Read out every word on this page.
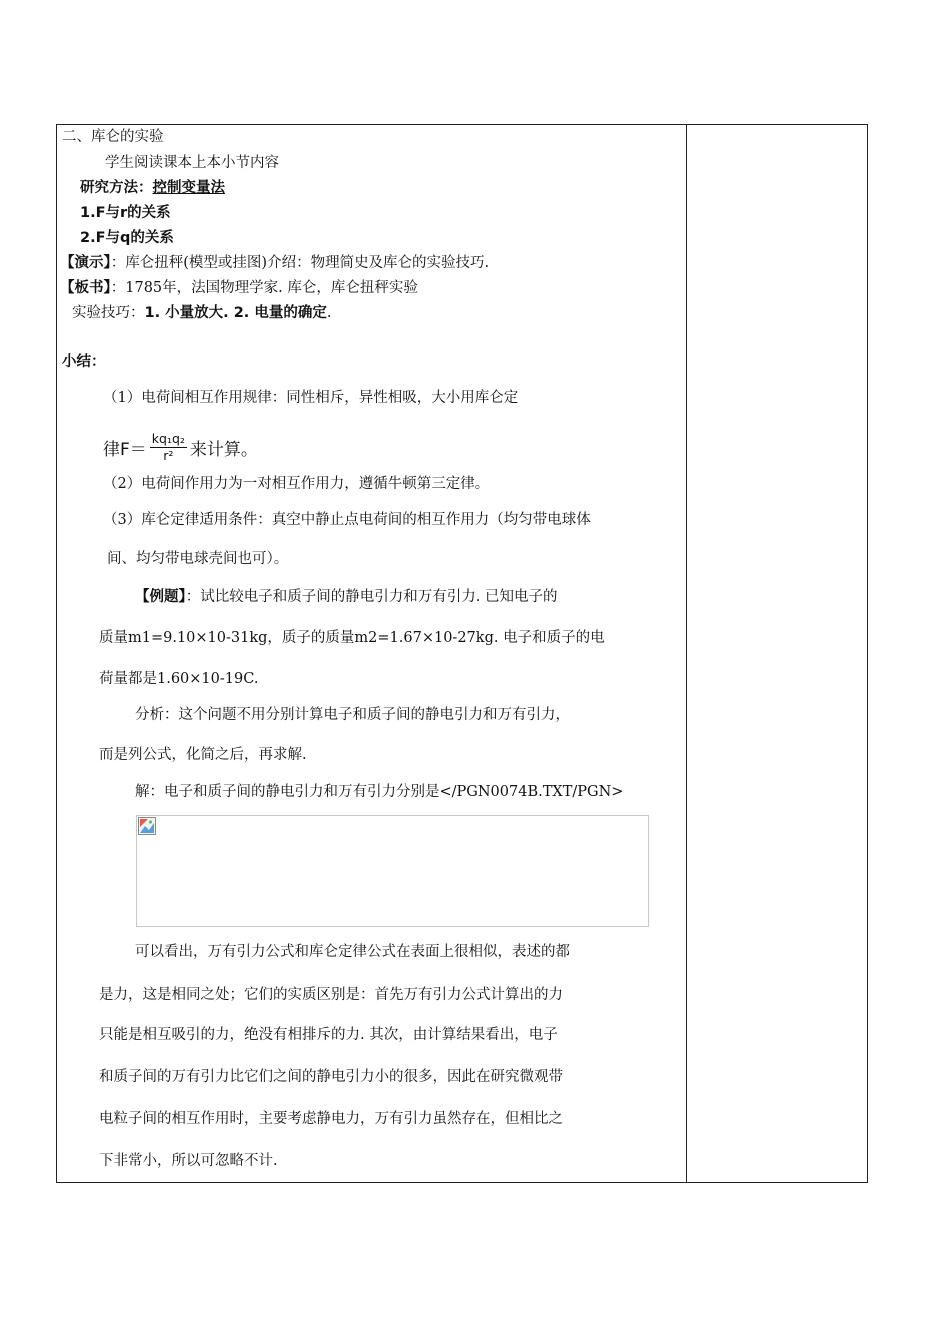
二、库仑的实验
学生阅读课本上本小节内容
研究方法：控制变量法
1.F与r的关系
2.F与q的关系
【演示】：库仑扭秤(模型或挂图)介绍：物理简史及库仑的实验技巧.
【板书】：1785年，法国物理学家. 库仑，库仑扭秤实验
实验技巧：1. 小量放大. 2. 电量的确定.
小结：
（1）电荷间相互作用规律：同性相斥，异性相吸，大小用库仑定
律$F= \frac{\text{kq₁q₂}}{\text{r²}}$ 来计算。
（2）电荷间作用力为一对相互作用力，遵循牛顿第三定律。
（3）库仑定律适用条件：真空中静止点电荷间的相互作用力（均匀带电球体
间、均匀带电球壳间也可）。
【例题】：试比较电子和质子间的静电引力和万有引力. 已知电子的
质量m1=9.10×10-31kg，质子的质量m2=1.67×10-27kg. 电子和质子的电
荷量都是1.60×10-19C.
分析：这个问题不用分别计算电子和质子间的静电引力和万有引力，
而是列公式，化简之后，再求解.
解：电子和质子间的静电引力和万有引力分别是</PGN0074B.TXT/PGN>
可以看出，万有引力公式和库仑定律公式在表面上很相似，表述的都
是力，这是相同之处；它们的实质区别是：首先万有引力公式计算出的力
只能是相互吸引的力，绝没有相排斥的力. 其次，由计算结果看出，电子
和质子间的万有引力比它们之间的静电引力小的很多，因此在研究微观带
电粒子间的相互作用时，主要考虑静电力，万有引力虽然存在，但相比之
下非常小，所以可忽略不计.
